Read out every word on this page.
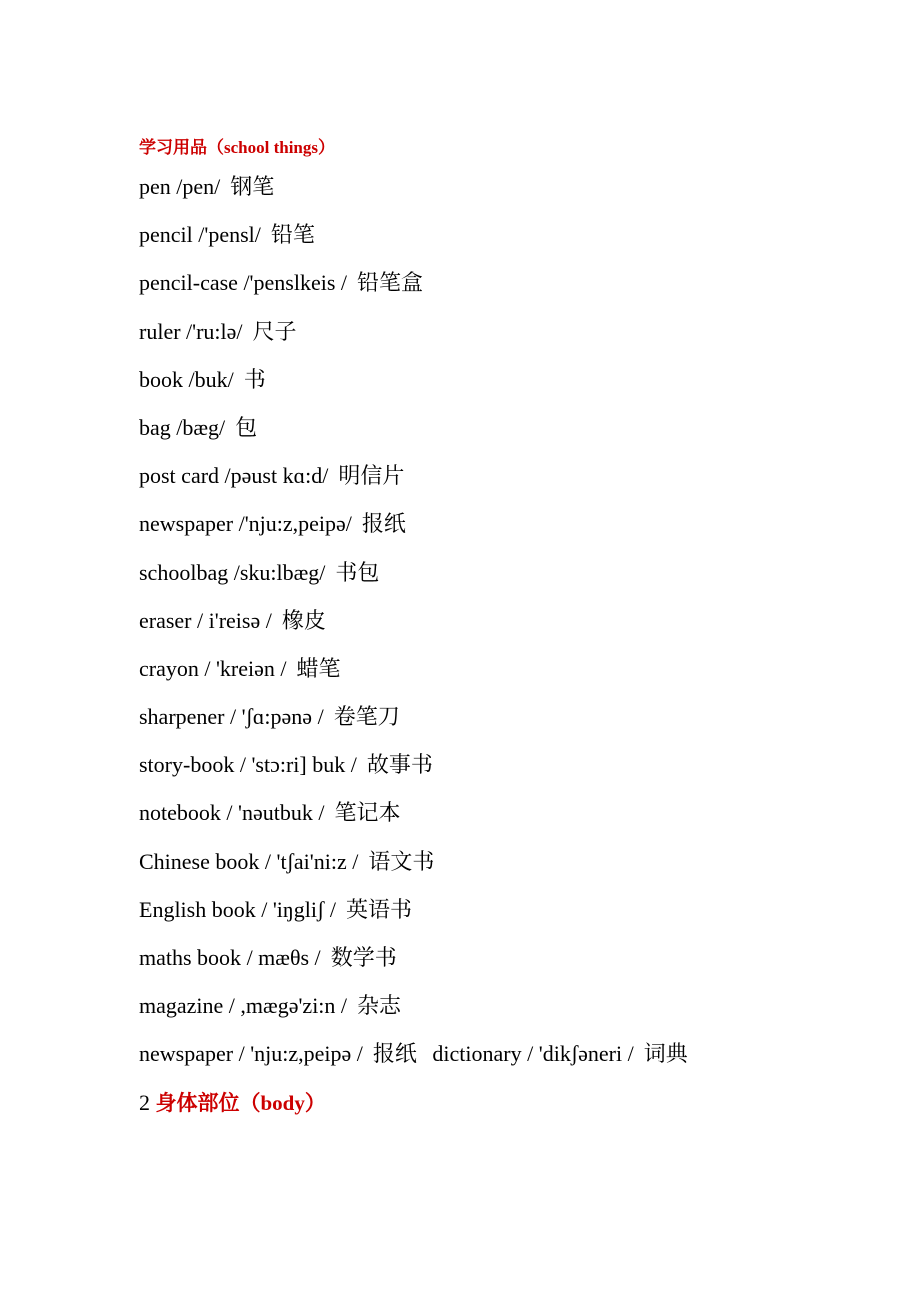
学习用品（school things）
pen /pen/ 钢笔
pencil /'pensl/ 铅笔
pencil-case /'penslkeis / 铅笔盒
ruler /'ru:lə/ 尺子
book /buk/ 书
bag /bæg/ 包
post card /pəust kɑ:d/ 明信片
newspaper /'nju:z,peipə/ 报纸
schoolbag /sku:lbæg/ 书包
eraser / i'reisə / 橡皮
crayon / 'kreiən / 蜡笔
sharpener / 'ʃɑ:pənə / 卷笔刀
story-book / 'stɔ:ri] buk / 故事书
notebook / 'nəutbuk / 笔记本
Chinese book / 'tʃai'ni:z / 语文书
English book / 'iŋgliʃ / 英语书
maths book / mæθs / 数学书
magazine / ,mægə'zi:n / 杂志
newspaper / 'nju:z,peipə / 报纸 dictionary / 'dikʃəneri / 词典
2 身体部位（body）
